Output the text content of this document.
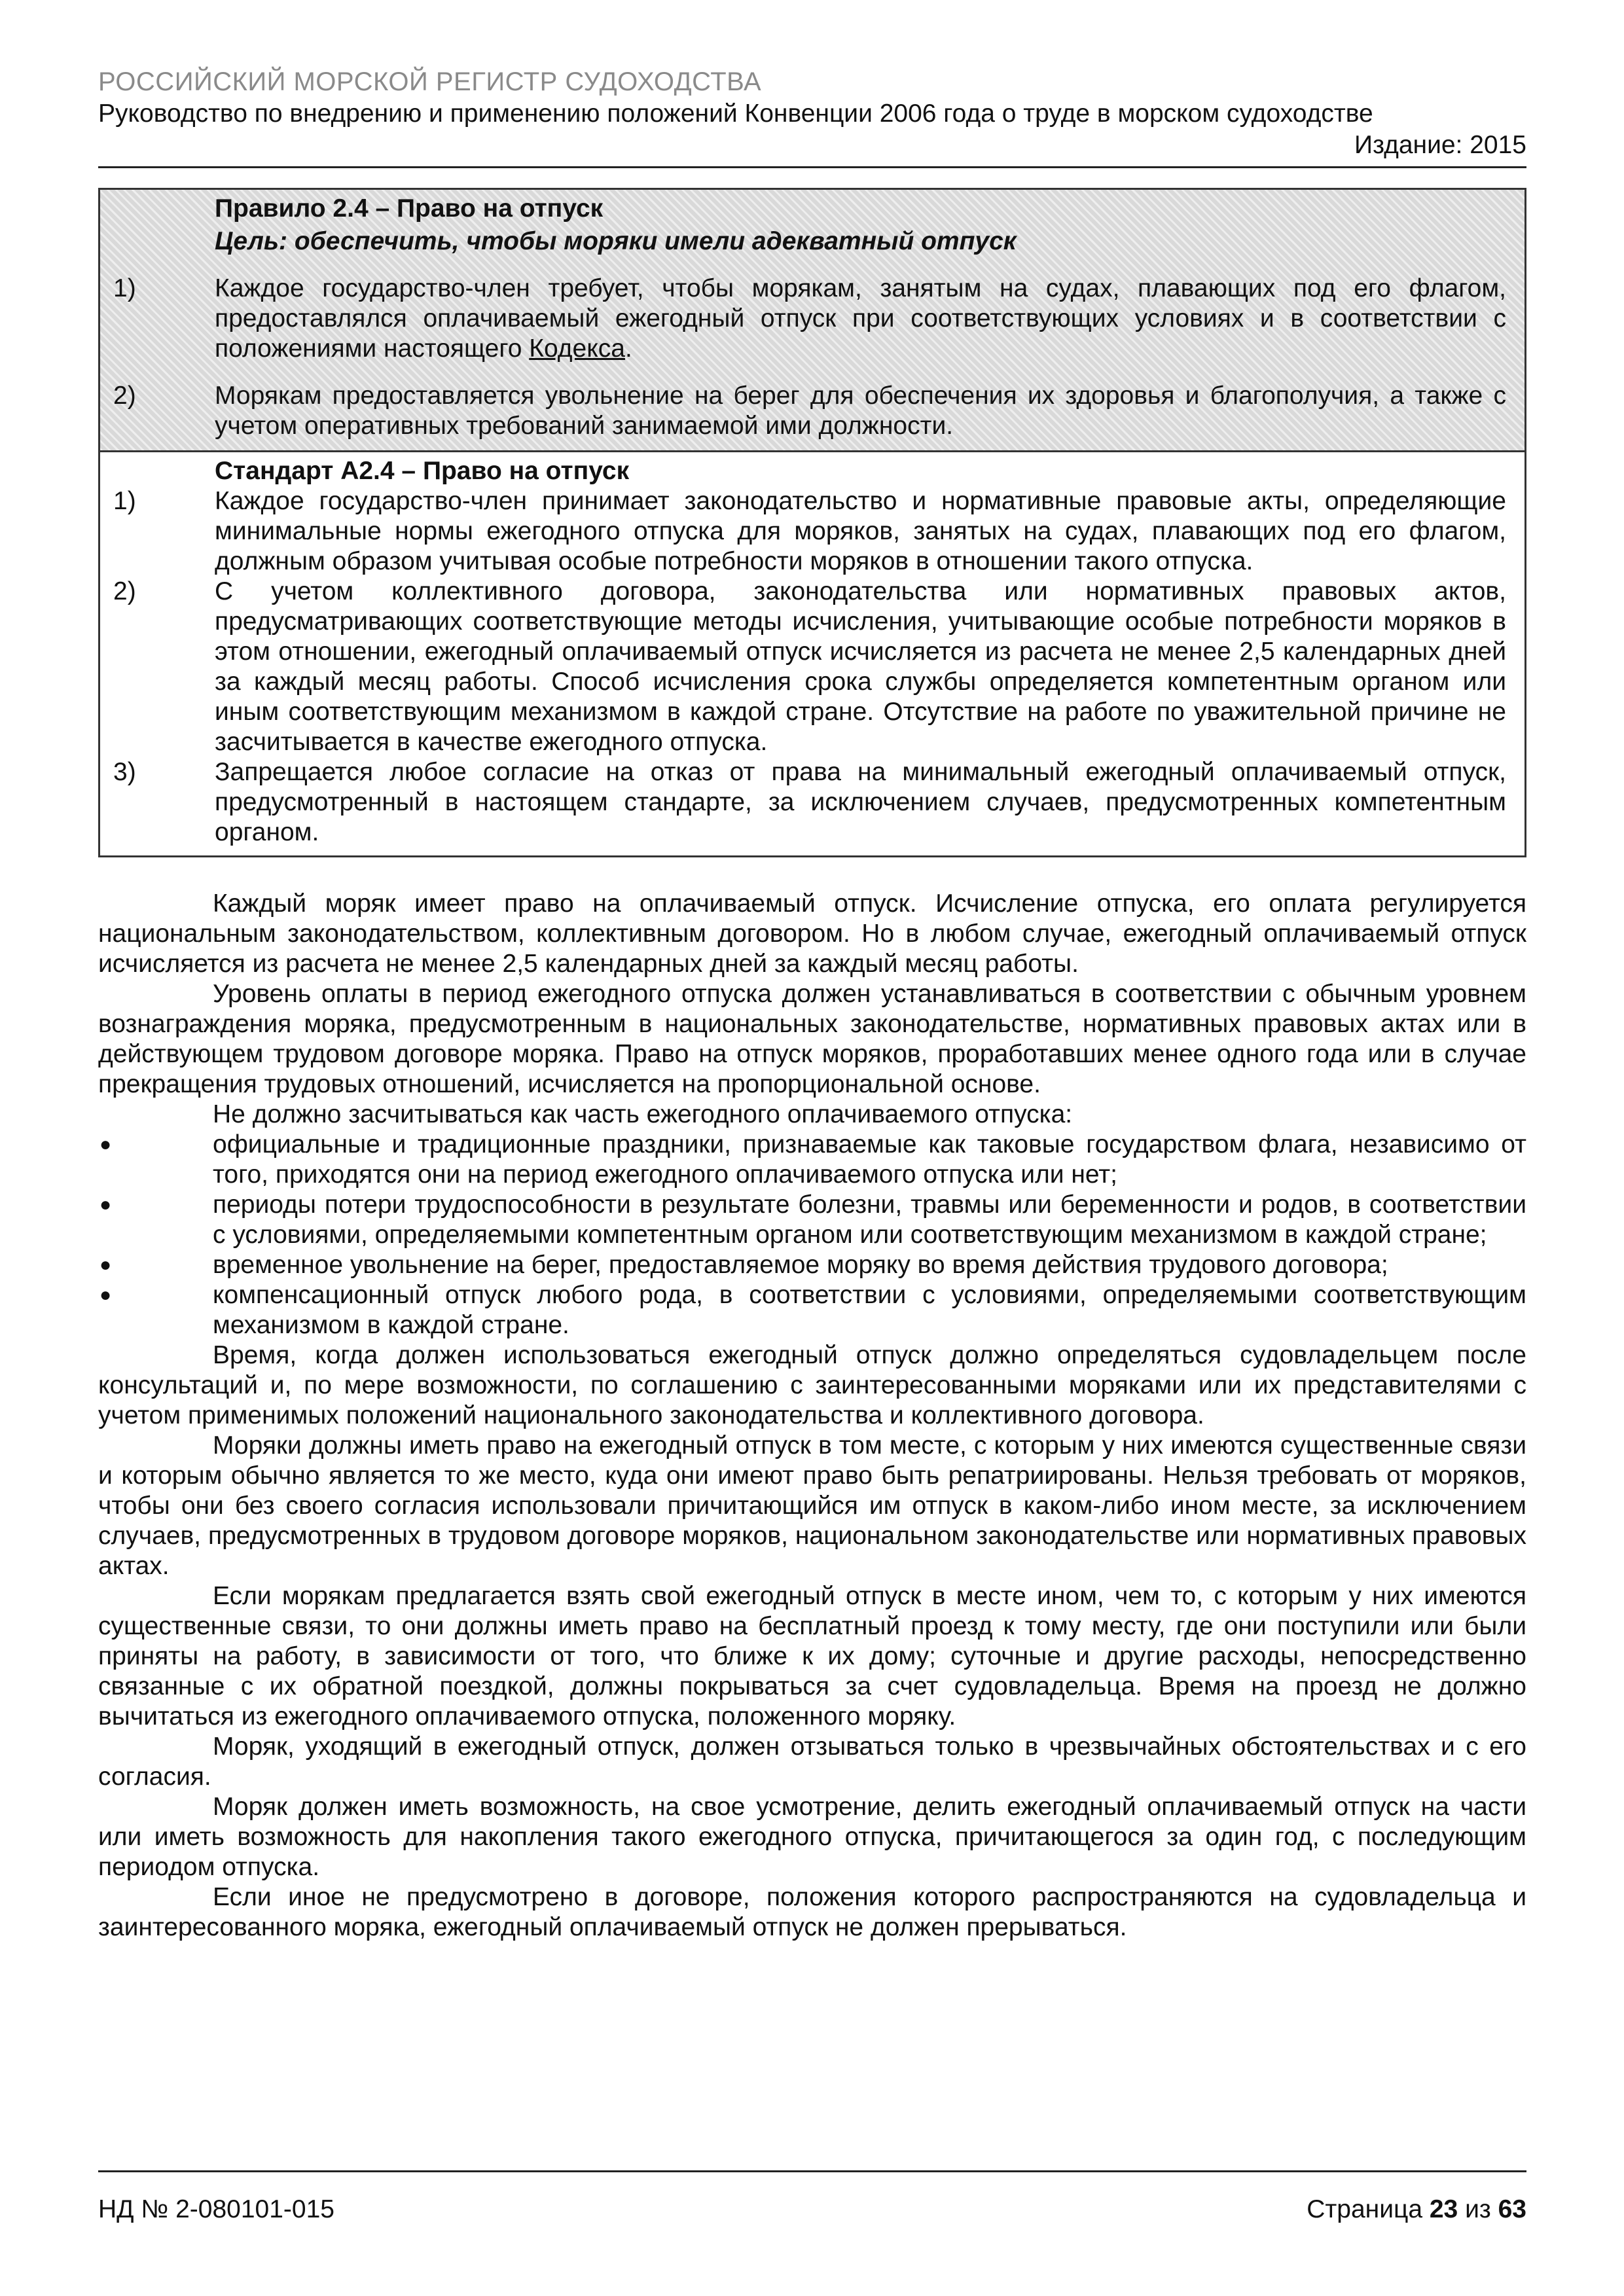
РОССИЙСКИЙ МОРСКОЙ РЕГИСТР СУДОХОДСТВА
Руководство по внедрению и применению положений Конвенции 2006 года о труде в морском судоходстве
Издание: 2015
Правило 2.4 – Право на отпуск
Цель: обеспечить, чтобы моряки имели адекватный отпуск
1)	Каждое государство-член требует, чтобы морякам, занятым на судах, плавающих под его флагом, предоставлялся оплачиваемый ежегодный отпуск при соответствующих условиях и в соответствии с положениями настоящего Кодекса.
2)	Морякам предоставляется увольнение на берег для обеспечения их здоровья и благополучия, а также с учетом оперативных требований занимаемой ими должности.
Стандарт А2.4 – Право на отпуск
1)	Каждое государство-член принимает законодательство и нормативные правовые акты, определяющие минимальные нормы ежегодного отпуска для моряков, занятых на судах, плавающих под его флагом, должным образом учитывая особые потребности моряков в отношении такого отпуска.
2)	С учетом коллективного договора, законодательства или нормативных правовых актов, предусматривающих соответствующие методы исчисления, учитывающие особые потребности моряков в этом отношении, ежегодный оплачиваемый отпуск исчисляется из расчета не менее 2,5 календарных дней за каждый месяц работы. Способ исчисления срока службы определяется компетентным органом или иным соответствующим механизмом в каждой стране. Отсутствие на работе по уважительной причине не засчитывается в качестве ежегодного отпуска.
3)	Запрещается любое согласие на отказ от права на минимальный ежегодный оплачиваемый отпуск, предусмотренный в настоящем стандарте, за исключением случаев, предусмотренных компетентным органом.
Каждый моряк имеет право на оплачиваемый отпуск. Исчисление отпуска, его оплата регулируется национальным законодательством, коллективным договором. Но в любом случае, ежегодный оплачиваемый отпуск исчисляется из расчета не менее 2,5 календарных дней за каждый месяц работы.
Уровень оплаты в период ежегодного отпуска должен устанавливаться в соответствии с обычным уровнем вознаграждения моряка, предусмотренным в национальных законодательстве, нормативных правовых актах или в действующем трудовом договоре моряка. Право на отпуск моряков, проработавших менее одного года или в случае прекращения трудовых отношений, исчисляется на пропорциональной основе.
Не должно засчитываться как часть ежегодного оплачиваемого отпуска:
●	официальные и традиционные праздники, признаваемые как таковые государством флага, независимо от того, приходятся они на период ежегодного оплачиваемого отпуска или нет;
●	периоды потери трудоспособности в результате болезни, травмы или беременности и родов, в соответствии с условиями, определяемыми компетентным органом или соответствующим механизмом в каждой стране;
●	временное увольнение на берег, предоставляемое моряку во время действия трудового договора;
●	компенсационный отпуск любого рода, в соответствии с условиями, определяемыми соответствующим механизмом в каждой стране.
Время, когда должен использоваться ежегодный отпуск должно определяться судовладельцем после консультаций и, по мере возможности, по соглашению с заинтересованными моряками или их представителями с учетом применимых положений национального законодательства и коллективного договора.
Моряки должны иметь право на ежегодный отпуск в том месте, с которым у них имеются существенные связи и которым обычно является то же место, куда они имеют право быть репатриированы. Нельзя требовать от моряков, чтобы они без своего согласия использовали причитающийся им отпуск в каком-либо ином месте, за исключением случаев, предусмотренных в трудовом договоре моряков, национальном законодательстве или нормативных правовых актах.
Если морякам предлагается взять свой ежегодный отпуск в месте ином, чем то, с которым у них имеются существенные связи, то они должны иметь право на бесплатный проезд к тому месту, где они поступили или были приняты на работу, в зависимости от того, что ближе к их дому; суточные и другие расходы, непосредственно связанные с их обратной поездкой, должны покрываться за счет судовладельца. Время на проезд не должно вычитаться из ежегодного оплачиваемого отпуска, положенного моряку.
Моряк, уходящий в ежегодный отпуск, должен отзываться только в чрезвычайных обстоятельствах и с его согласия.
Моряк должен иметь возможность, на свое усмотрение, делить ежегодный оплачиваемый отпуск на части или иметь возможность для накопления такого ежегодного отпуска, причитающегося за один год, с последующим периодом отпуска.
Если иное не предусмотрено в договоре, положения которого распространяются на судовладельца и заинтересованного моряка, ежегодный оплачиваемый отпуск не должен прерываться.
НД № 2-080101-015	Страница 23 из 63
